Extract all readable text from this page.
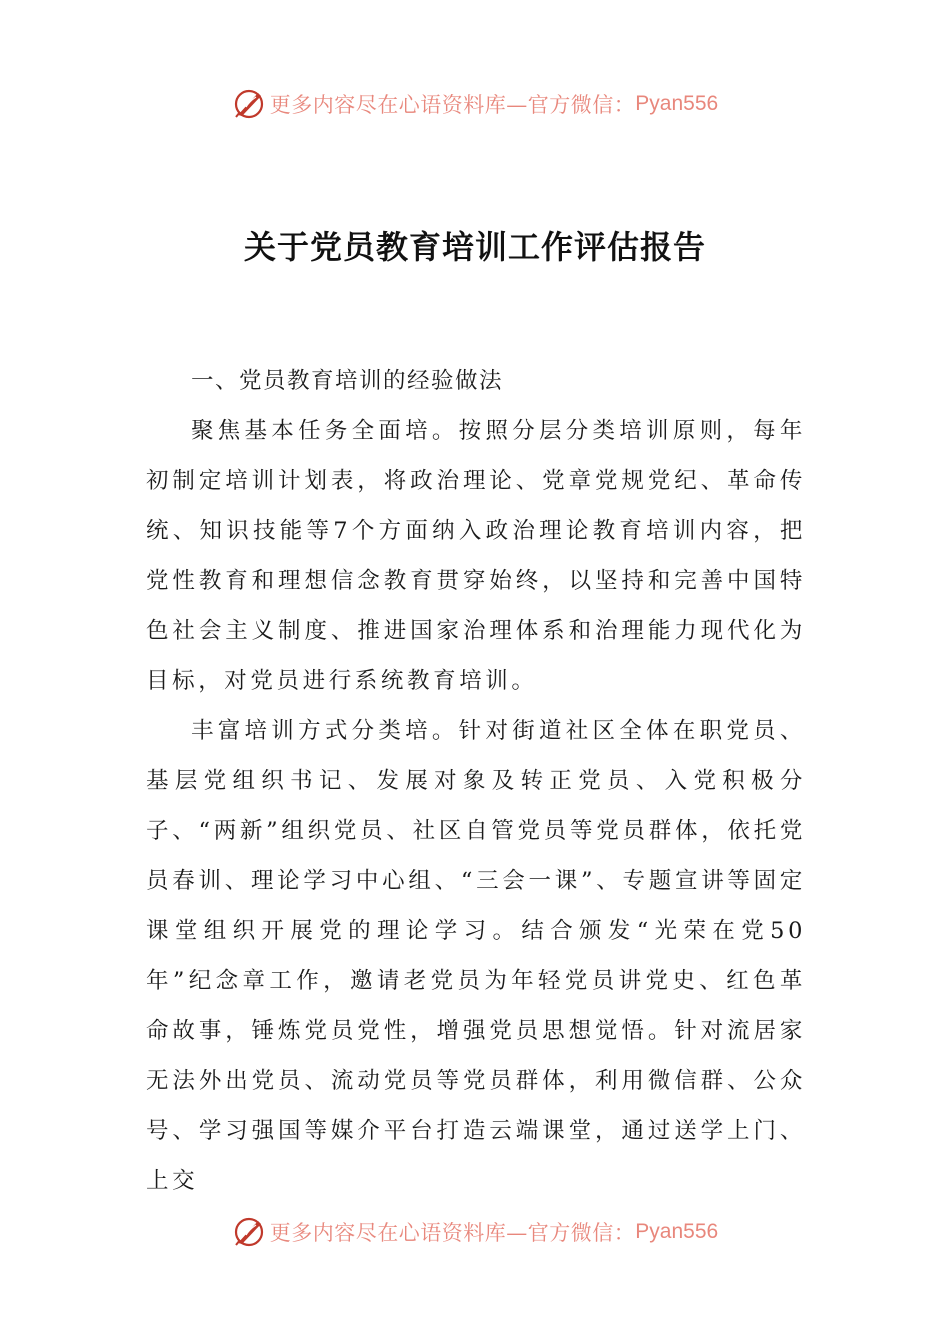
更多内容尽在心语资料库—官方微信： Pyan556
关于党员教育培训工作评估报告

一、党员教育培训的经验做法

聚焦基本任务全面培。按照分层分类培训原则，每年初制定培训计划表，将政治理论、党章党规党纪、革命传统、知识技能等7个方面纳入政治理论教育培训内容，把党性教育和理想信念教育贯穿始终，以坚持和完善中国特色社会主义制度、推进国家治理体系和治理能力现代化为目标，对党员进行系统教育培训。

丰富培训方式分类培。针对街道社区全体在职党员、基层党组织书记、发展对象及转正党员、入党积极分子、“两新”组织党员、社区自管党员等党员群体，依托党员春训、理论学习中心组、“三会一课”、专题宣讲等固定课堂组织开展党的理论学习。结合颁发“光荣在党50年”纪念章工作，邀请老党员为年轻党员讲党史、红色革命故事，锤炼党员党性，增强党员思想觉悟。针对流居家无法外出党员、流动党员等党员群体，利用微信群、公众号、学习强国等媒介平台打造云端课堂，通过送学上门、上交

更多内容尽在心语资料库—官方微信： Pyan556
